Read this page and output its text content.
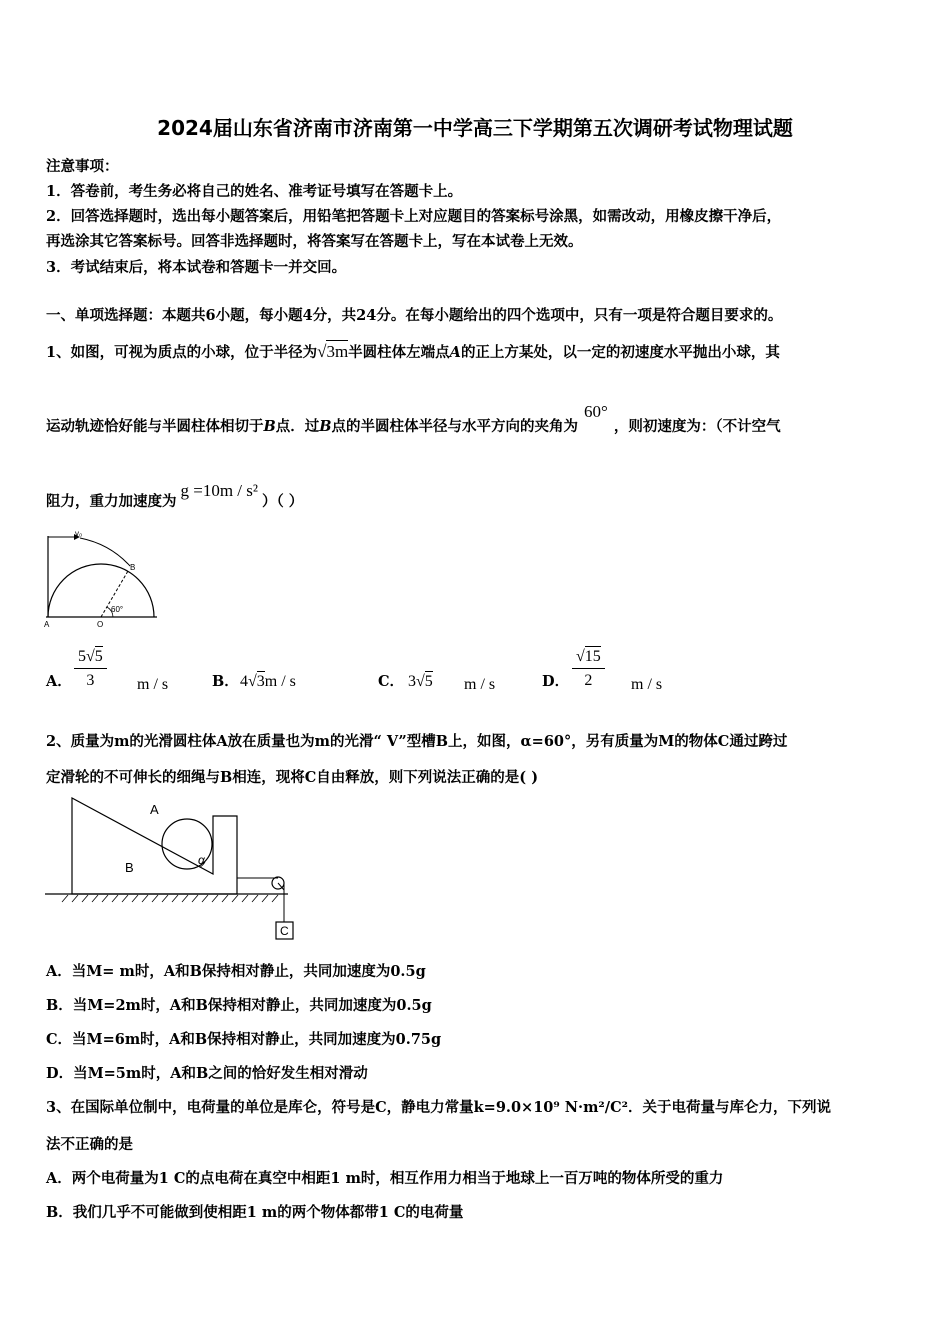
2024届山东省济南市济南第一中学高三下学期第五次调研考试物理试题
注意事项：
1．答卷前，考生务必将自己的姓名、准考证号填写在答题卡上。
2．回答选择题时，选出每小题答案后，用铅笔把答题卡上对应题目的答案标号涂黑，如需改动，用橡皮擦干净后，
再选涂其它答案标号。回答非选择题时，将答案写在答题卡上，写在本试卷上无效。
3．考试结束后，将本试卷和答题卡一并交回。
一、单项选择题：本题共6小题，每小题4分，共24分。在每小题给出的四个选项中，只有一项是符合题目要求的。
1、如图，可视为质点的小球，位于半径为√3m半圆柱体左端点A的正上方某处，以一定的初速度水平抛出小球，其
运动轨迹恰好能与半圆柱体相切于B点．过B点的半圆柱体半径与水平方向的夹角为60°，则初速度为：（不计空气
阻力，重力加速度为g =10m / s²）（ ）
v₀
B
A	O
60°
A． $\frac{5√5}{3}$ m / s	B． 4√3m / s	C． 3√5 m / s	D． $\frac{√15}{2}$ m / s
2、质量为m的光滑圆柱体A放在质量也为m的光滑“ V”型槽B上，如图，α=60°，另有质量为M的物体C通过跨过
定滑轮的不可伸长的细绳与B相连，现将C自由释放，则下列说法正确的是( )
A
B	α
C
A．当M= m时，A和B保持相对静止，共同加速度为0.5g
B．当M=2m时，A和B保持相对静止，共同加速度为0.5g
C．当M=6m时，A和B保持相对静止，共同加速度为0.75g
D．当M=5m时，A和B之间的恰好发生相对滑动
3、在国际单位制中，电荷量的单位是库仑，符号是C，静电力常量k=9.0×10⁹ N·m²/C²．关于电荷量与库仑力，下列说
法不正确的是
A．两个电荷量为1 C的点电荷在真空中相距1 m时，相互作用力相当于地球上一百万吨的物体所受的重力
B．我们几乎不可能做到使相距1 m的两个物体都带1 C的电荷量
